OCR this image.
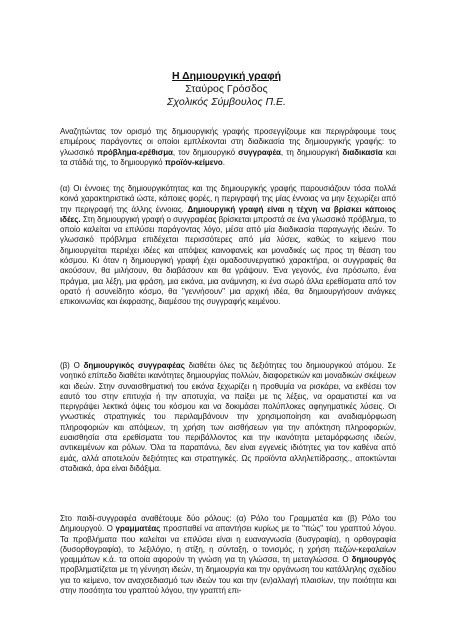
Η Δημιουργική γραφή
Σταύρος Γρόσδος
Σχολικός Σύμβουλος Π.Ε.

Αναζητώντας τον ορισμό της δημιουργικής γραφής προσεγγίζουμε και περιγράφουμε τους επιμέρους παράγοντες οι οποίοι εμπλέκονται στη διαδικασία της δημιουργικής γραφής: το γλωσσικό πρόβλημα-ερέθισμα, τον δημιουργικό συγγραφέα, τη δημιουργική διαδικασία και τα στάδιά της, το δημιουργικό προϊόν-κείμενο.

(α) Οι έννοιες της δημιουργικότητας και της δημιουργικής γραφής παρουσιάζουν τόσα πολλά κοινά χαρακτηριστικά ώστε, κάποιες φορές, η περιγραφή της μίας έννοιας να μην ξεχωρίζει από την περιγραφή της άλλης έννοιας. Δημιουργική γραφή είναι η τέχνη να βρίσκει κάποιος ιδέες. Στη δημιουργική γραφή ο συγγραφέας βρίσκεται μπροστά σε ένα γλωσσικό πρόβλημα, το οποίο καλείται να επιλύσει παράγοντας λόγο, μέσα από μία διαδικασία παραγωγής ιδεών. Το γλωσσικό πρόβλημα επιδέχεται περισσότερες από μία λύσεις, καθώς το κείμενο που δημιουργείται περιέχει ιδέες και απόψεις καινοφανείς και μοναδικές ως προς τη θέαση του κόσμου. Κι όταν η δημιουργική γραφή έχει ομαδοσυνεργατικό χαρακτήρα, οι συγγραφείς θα ακούσουν, θα μιλήσουν, θα διαβάσουν και θα γράψουν. Ένα γεγονός, ένα πρόσωπο, ένα πράγμα, μια λέξη, μια φράση, μια εικόνα, μια ανάμνηση, κι ένα σωρό άλλα ερεθίσματα από τον ορατό ή ασυνείδητο κόσμο, θα "γεννήσουν" μια αρχική ιδέα, θα δημιουργήσουν ανάγκες επικοινωνίας και έκφρασης, διαμέσου της συγγραφής κειμένου.

(β) Ο δημιουργικός συγγραφέας διαθέτει όλες τις δεξιότητες του δημιουργικού ατόμου. Σε νοητικό επίπεδο διαθέτει ικανότητες δημιουργίας πολλών, διαφορετικών και μοναδικών σκέψεων και ιδεών. Στην συναισθηματική του εικόνα ξεχωρίζει η προθυμία να ρισκάρει, να εκθέσει τον εαυτό του στην επιτυχία ή την αποτυχία, να παίξει με τις λέξεις, να οραματιστεί και να περιγράψει λεκτικά όψεις του κόσμου και να δοκιμάσει πολύπλοκες αφηγηματικές λύσεις. Οι γνωστικές στρατηγικές του περιλαμβάνουν την χρησιμοποίηση και αναδιαμόρφωση πληροφοριών και απόψεων, τη χρήση των αισθήσεων για την απόκτηση πληροφοριών, ευαισθησία στα ερεθίσματα του περιβάλλοντος και την ικανότητα μεταμόρφωσης ιδεών, αντικειμένων και ρόλων. Όλα τα παραπάνω, δεν είναι εγγενείς ιδιότητες για τον καθένα από εμάς, αλλά αποτελούν δεξιότητες και στρατηγικές. Ως προϊόντα αλληλεπίδρασης., αποκτώνται σταδιακά, άρα είναι διδάξιμα.

Στο παιδί-συγγραφέα αναθέτουμε δύο ρόλους: (α) Ρόλο του Γραμματέα και (β) Ρόλο του Δημιουργού. Ο γραμματέας προσπαθεί να απαντήσει κυρίως με το "πώς" του γραπτού λόγου. Τα προβλήματα που καλείται να επιλύσει είναι η ευαναγνωσία (δυσγραφία), η ορθογραφία (δυσορθογραφία), το λεξιλόγιο, η στίξη, η σύνταξη, ο τονισμός, η χρήση πεζών-κεφαλαίων γραμμάτων κ.ά. τα οποία αφορούν τη γνώση για τη γλώσσα, τη μεταγλώσσα. Ο δημιουργός προβληματίζεται με τη γέννηση ιδεών, τη δημιουργία και την οργάνωση του κατάλληλης σχεδίου για το κείμενο, τον αναχσεδιασμό των ιδεών του και την (εν)αλλαγή πλαισίων, την ποιότητα και στην ποσότητα του γραπτού λόγου, την γραπτή επι-
